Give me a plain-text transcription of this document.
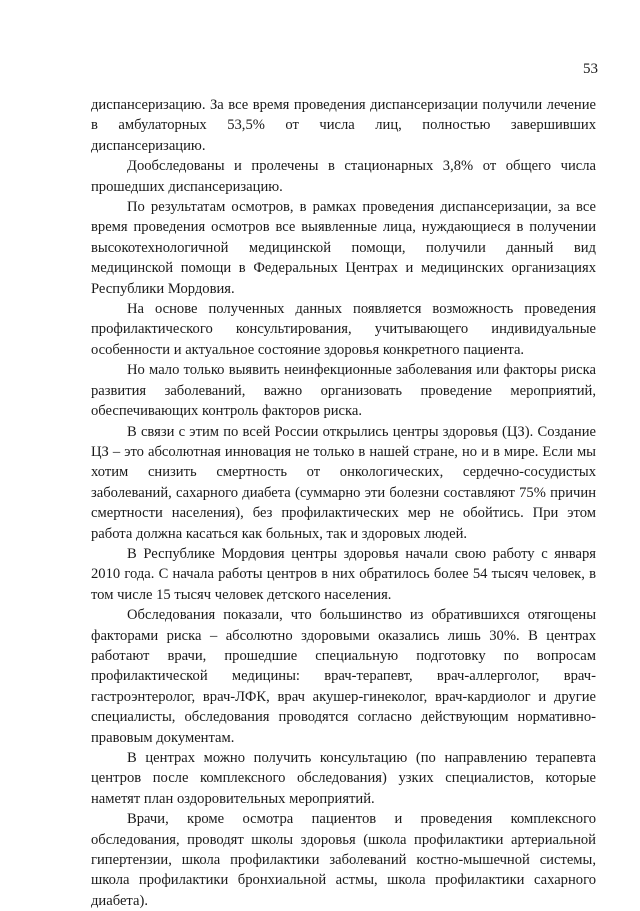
53

диспансеризацию. За все время проведения диспансеризации получили лечение в амбулаторных 53,5% от числа лиц, полностью завершивших диспансеризацию.

Дообследованы и пролечены в стационарных 3,8% от общего числа прошедших диспансеризацию.

По результатам осмотров, в рамках проведения диспансеризации, за все время проведения осмотров все выявленные лица, нуждающиеся в получении высокотехнологичной медицинской помощи, получили данный вид медицинской помощи в Федеральных Центрах и медицинских организациях Республики Мордовия.

На основе полученных данных появляется возможность проведения профилактического консультирования, учитывающего индивидуальные особенности и актуальное состояние здоровья конкретного пациента.

Но мало только выявить неинфекционные заболевания или факторы риска развития заболеваний, важно организовать проведение мероприятий, обеспечивающих контроль факторов риска.

В связи с этим по всей России открылись центры здоровья (ЦЗ). Создание ЦЗ – это абсолютная инновация не только в нашей стране, но и в мире. Если мы хотим снизить смертность от онкологических, сердечно-сосудистых заболеваний, сахарного диабета (суммарно эти болезни составляют 75% причин смертности населения), без профилактических мер не обойтись. При этом работа должна касаться как больных, так и здоровых людей.

В Республике Мордовия центры здоровья начали свою работу с января 2010 года. С начала работы центров в них обратилось более 54 тысяч человек, в том числе 15 тысяч человек детского населения.

Обследования показали, что большинство из обратившихся отягощены факторами риска – абсолютно здоровыми оказались лишь 30%. В центрах работают врачи, прошедшие специальную подготовку по вопросам профилактической медицины: врач-терапевт, врач-аллерголог, врач-гастроэнтеролог, врач-ЛФК, врач акушер-гинеколог, врач-кардиолог и другие специалисты, обследования проводятся согласно действующим нормативно-правовым документам.

В центрах можно получить консультацию (по направлению терапевта центров после комплексного обследования) узких специалистов, которые наметят план оздоровительных мероприятий.

Врачи, кроме осмотра пациентов и проведения комплексного обследования, проводят школы здоровья (школа профилактики артериальной гипертензии, школа профилактики заболеваний костно-мышечной системы, школа профилактики бронхиальной астмы, школа профилактики сахарного диабета).
